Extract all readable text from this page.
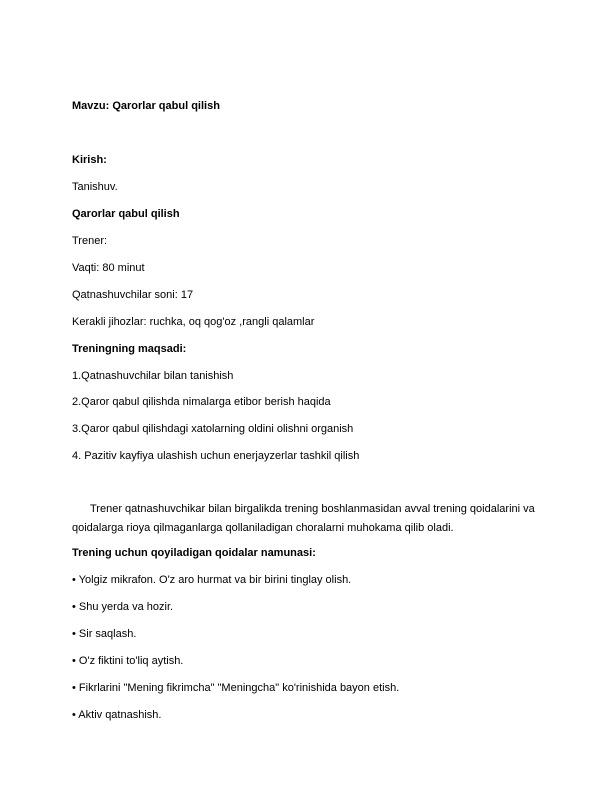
Mavzu: Qarorlar qabul qilish
Kirish:
Tanishuv.
Qarorlar qabul qilish
Trener:
Vaqti: 80 minut
Qatnashuvchilar soni: 17
Kerakli jihozlar: ruchka, oq qog'oz ,rangli qalamlar
Treningning maqsadi:
1.Qatnashuvchilar bilan tanishish
2.Qaror qabul qilishda nimalarga etibor berish haqida
3.Qaror qabul qilishdagi xatolarning oldini olishni organish
4. Pazitiv kayfiya ulashish uchun enerjayzerlar tashkil qilish
Trener qatnashuvchikar bilan birgalikda trening boshlanmasidan avval trening qoidalarini va qoidalarga rioya qilmaganlarga qollaniladigan choralarni muhokama qilib oladi.
Trening uchun qoyiladigan qoidalar namunasi:
• Yolgiz mikrafon. O'z aro hurmat va bir birini tinglay olish.
• Shu yerda va hozir.
• Sir saqlash.
• O'z fiktini to'liq aytish.
• Fikrlarini "Mening fikrimcha" "Meningcha" ko'rinishida bayon etish.
• Aktiv qatnashish.
